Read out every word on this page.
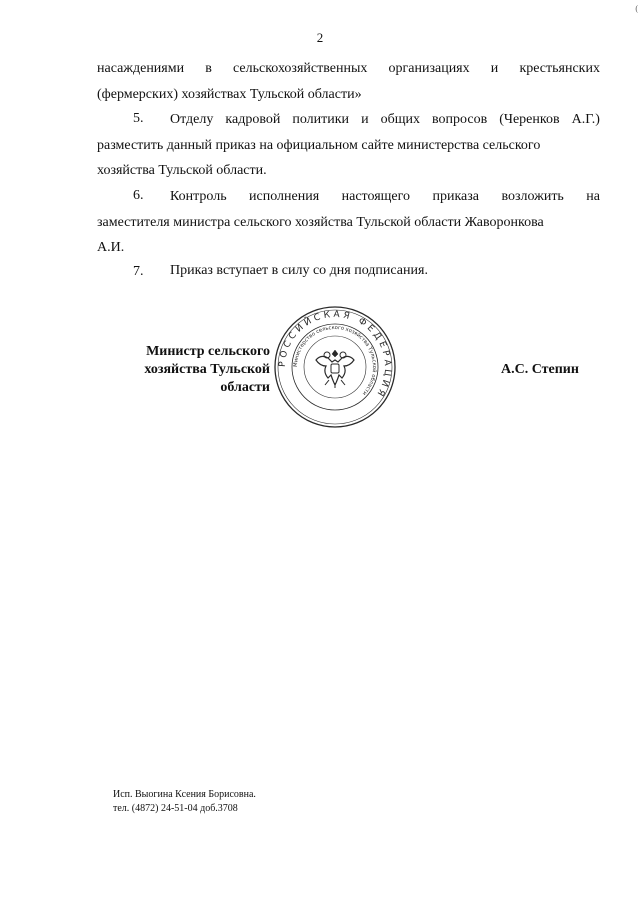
(
2
насаждениями в сельскохозяйственных организациях и крестьянских
(фермерских) хозяйствах Тульской области»
5. Отделу кадровой политики и общих вопросов (Черенков А.Г.)
разместить данный приказ на официальном сайте министерства сельского
хозяйства Тульской области.
6. Контроль исполнения настоящего приказа возложить на
заместителя министра сельского хозяйства Тульской области Жаворонкова
А.И.
7. Приказ вступает в силу со дня подписания.
Министр сельского
хозяйства Тульской области
А.С. Степин
РОССИЙСКАЯ ФЕДЕРАЦИЯ
Министерство сельского хозяйства Тульской области
Исп. Выогина Ксения Борисовна.
тел. (4872) 24-51-04 доб.3708
